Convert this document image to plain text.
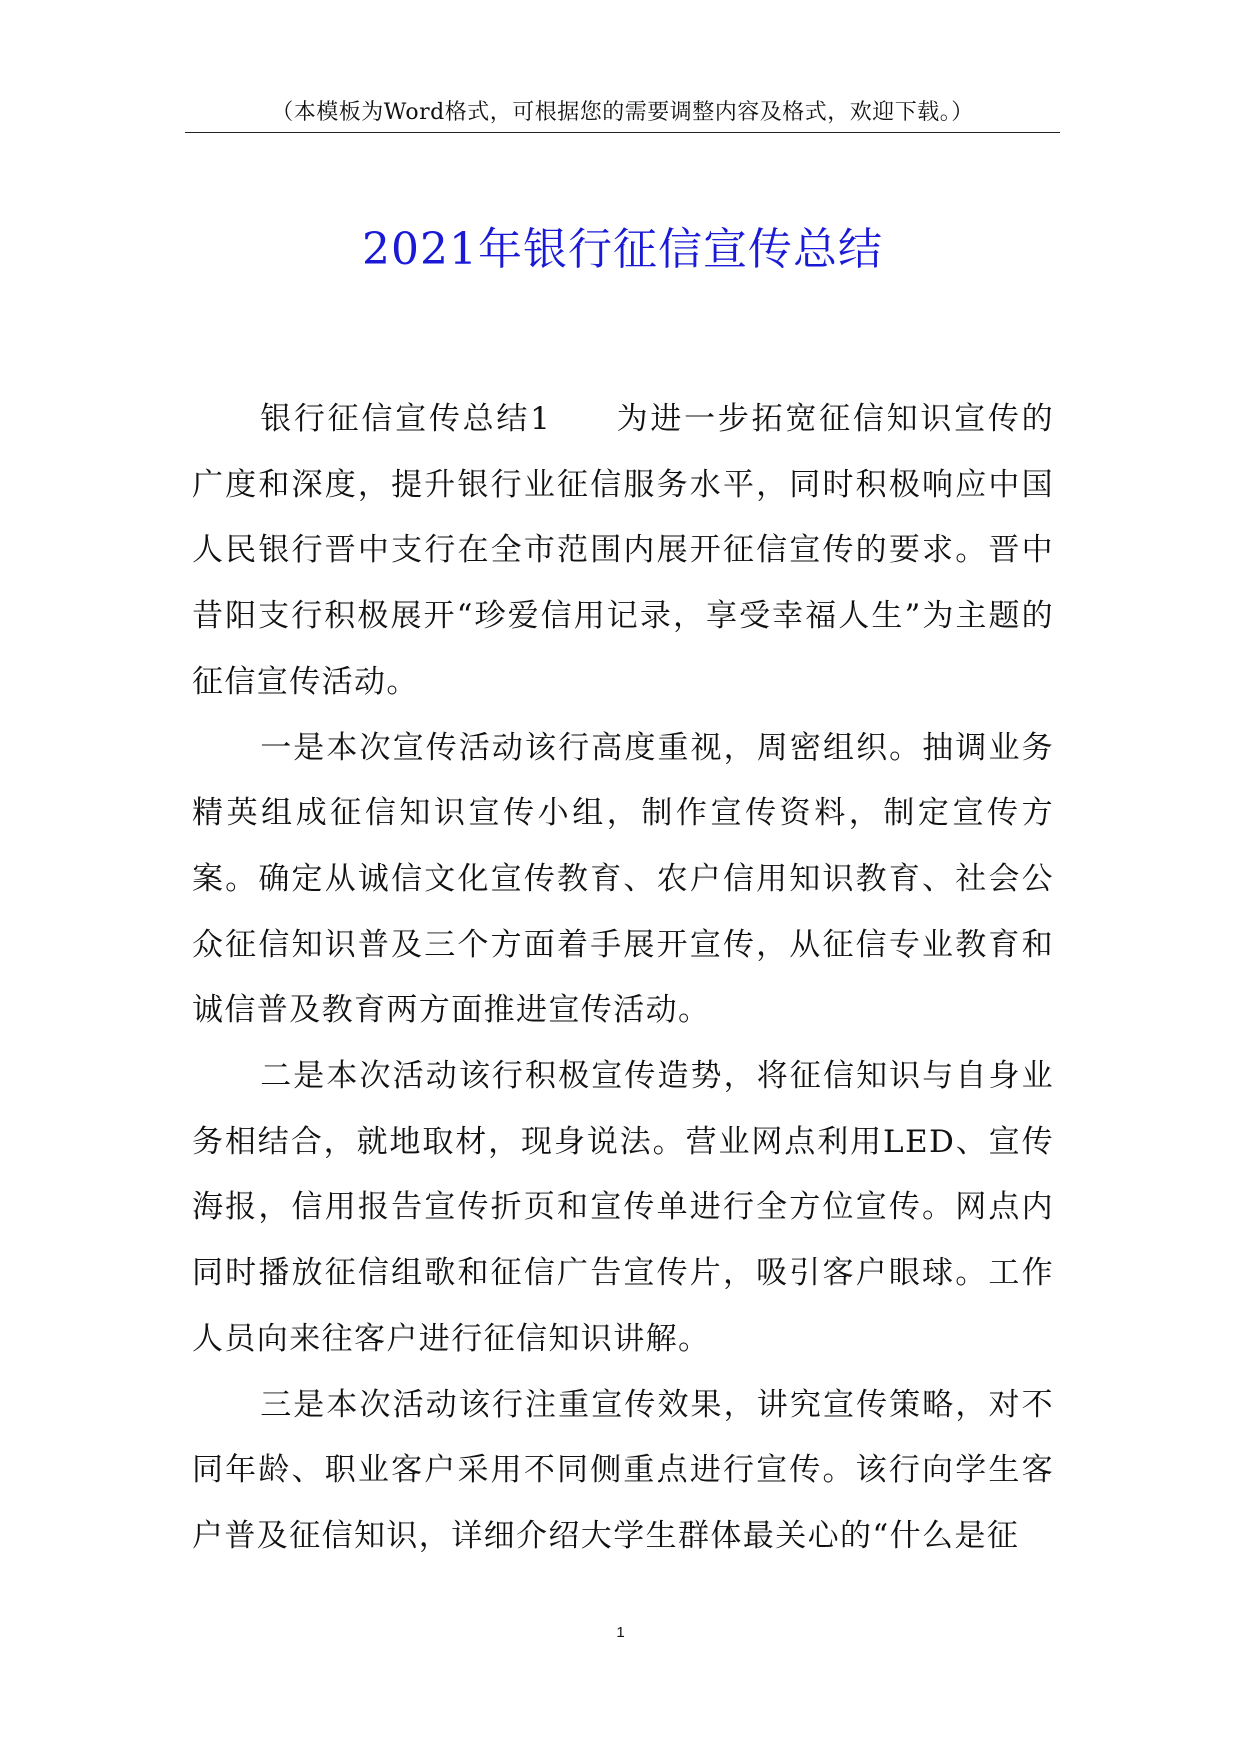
（本模板为Word格式，可根据您的需要调整内容及格式，欢迎下载。）
2021年银行征信宣传总结

银行征信宣传总结1 为进一步拓宽征信知识宣传的广度和深度，提升银行业征信服务水平，同时积极响应中国人民银行晋中支行在全市范围内展开征信宣传的要求。晋中昔阳支行积极展开“珍爱信用记录，享受幸福人生”为主题的征信宣传活动。

一是本次宣传活动该行高度重视，周密组织。抽调业务精英组成征信知识宣传小组，制作宣传资料，制定宣传方案。确定从诚信文化宣传教育、农户信用知识教育、社会公众征信知识普及三个方面着手展开宣传，从征信专业教育和诚信普及教育两方面推进宣传活动。

二是本次活动该行积极宣传造势，将征信知识与自身业务相结合，就地取材，现身说法。营业网点利用LED、宣传海报，信用报告宣传折页和宣传单进行全方位宣传。网点内同时播放征信组歌和征信广告宣传片，吸引客户眼球。工作人员向来往客户进行征信知识讲解。

三是本次活动该行注重宣传效果，讲究宣传策略，对不同年龄、职业客户采用不同侧重点进行宣传。该行向学生客户普及征信知识，详细介绍大学生群体最关心的“什么是征

1
